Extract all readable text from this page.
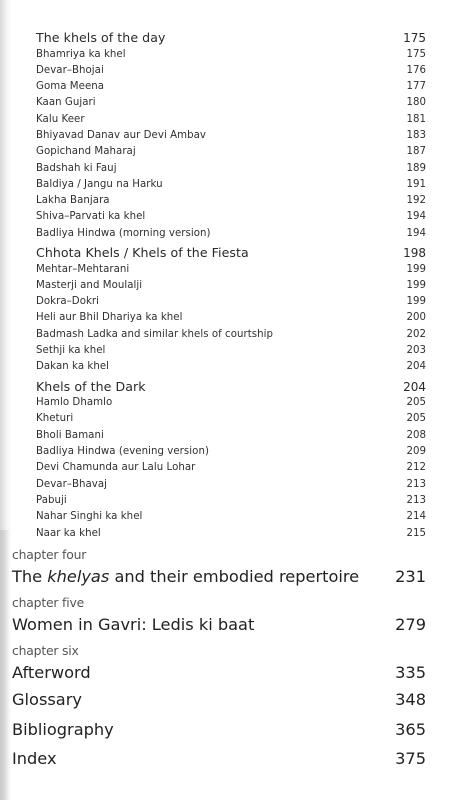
The khels of the day	175
Bhamriya ka khel	175
Devar–Bhojai	176
Goma Meena	177
Kaan Gujari	180
Kalu Keer	181
Bhiyavad Danav aur Devi Ambav	183
Gopichand Maharaj	187
Badshah ki Fauj	189
Baldiya / Jangu na Harku	191
Lakha Banjara	192
Shiva–Parvati ka khel	194
Badliya Hindwa (morning version)	194
Chhota Khels / Khels of the Fiesta	198
Mehtar–Mehtarani	199
Masterji and Moulalji	199
Dokra–Dokri	199
Heli aur Bhil Dhariya ka khel	200
Badmash Ladka and similar khels of courtship	202
Sethji ka khel	203
Dakan ka khel	204
Khels of the Dark	204
Hamlo Dhamlo	205
Kheturi	205
Bholi Bamani	208
Badliya Hindwa (evening version)	209
Devi Chamunda aur Lalu Lohar	212
Devar–Bhavaj	213
Pabuji	213
Nahar Singhi ka khel	214
Naar ka khel	215
chapter four
The khelyas and their embodied repertoire 231
chapter five
Women in Gavri: Ledis ki baat	279
chapter six
Afterword	335
Glossary	348
Bibliography	365
Index	375
